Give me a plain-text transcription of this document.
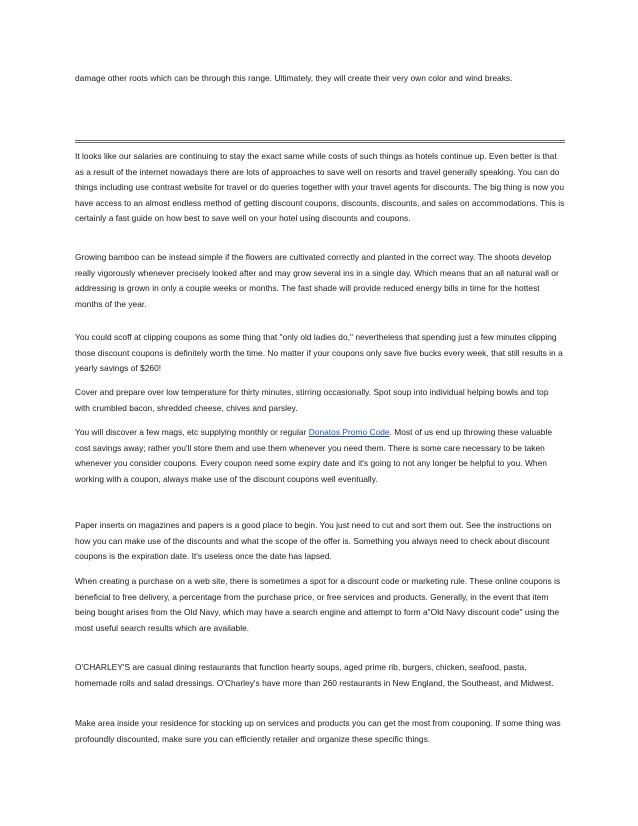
damage other roots which can be through this range. Ultimately, they will create their very own color and wind breaks.

It looks like our salaries are continuing to stay the exact same while costs of such things as hotels continue up. Even better is that as a result of the internet nowadays there are lots of approaches to save well on resorts and travel generally speaking. You can do things including use contrast website for travel or do queries together with your travel agents for discounts. The big thing is now you have access to an almost endless method of getting discount coupons, discounts, discounts, and sales on accommodations. This is certainly a fast guide on how best to save well on your hotel using discounts and coupons.

Growing bamboo can be instead simple if the flowers are cultivated correctly and planted in the correct way. The shoots develop really vigorously whenever precisely looked after and may grow several ins in a single day. Which means that an all natural wall or addressing is grown in only a couple weeks or months. The fast shade will provide reduced energy bills in time for the hottest months of the year.

You could scoff at clipping coupons as some thing that "only old ladies do," nevertheless that spending just a few minutes clipping those discount coupons is definitely worth the time. No matter if your coupons only save five bucks every week, that still results in a yearly savings of $260!

Cover and prepare over low temperature for thirty minutes, stirring occasionally. Spot soup into individual helping bowls and top with crumbled bacon, shredded cheese, chives and parsley.

You will discover a few mags, etc supplying monthly or regular Donatos Promo Code. Most of us end up throwing these valuable cost savings away; rather you'll store them and use them whenever you need them. There is some care necessary to be taken whenever you consider coupons. Every coupon need some expiry date and it's going to not any longer be helpful to you. When working with a coupon, always make use of the discount coupons well eventually.

Paper inserts on magazines and papers is a good place to begin. You just need to cut and sort them out. See the instructions on how you can make use of the discounts and what the scope of the offer is. Something you always need to check about discount coupons is the expiration date. It's useless once the date has lapsed.

When creating a purchase on a web site, there is sometimes a spot for a discount code or marketing rule. These online coupons is beneficial to free delivery, a percentage from the purchase price, or free services and products. Generally, in the event that item being bought arises from the Old Navy, which may have a search engine and attempt to form a"Old Navy discount code" using the most useful search results which are available.

O'CHARLEY'S are casual dining restaurants that function hearty soups, aged prime rib, burgers, chicken, seafood, pasta, homemade rolls and salad dressings. O'Charley's have more than 260 restaurants in New England, the Southeast, and Midwest.

Make area inside your residence for stocking up on services and products you can get the most from couponing. If some thing was profoundly discounted, make sure you can efficiently retailer and organize these specific things.
